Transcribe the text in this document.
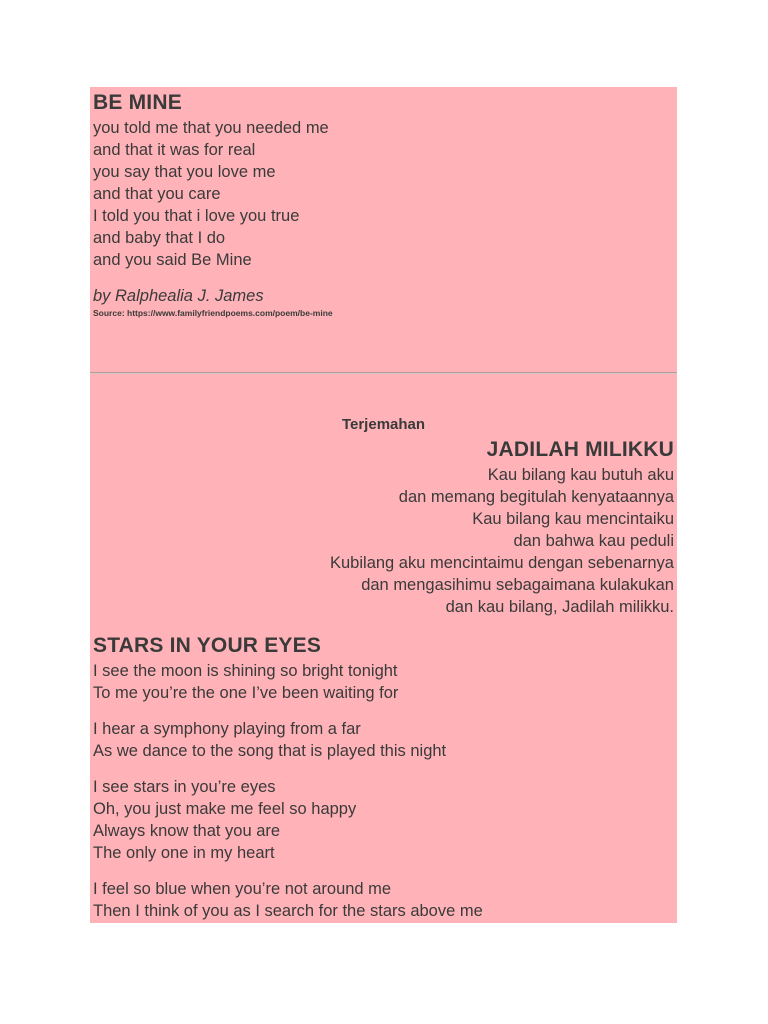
BE MINE
you told me that you needed me
and that it was for real
you say that you love me
and that you care
I told you that i love you true
and baby that I do
and you said Be Mine
by Ralphealia J. James
Source: https://www.familyfriendpoems.com/poem/be-mine
Terjemahan
JADILAH MILIKKU
Kau bilang kau butuh aku
dan memang begitulah kenyataannya
Kau bilang kau mencintaiku
dan bahwa kau peduli
Kubilang aku mencintaimu dengan sebenarnya
dan mengasihimu sebagaimana kulakukan
dan kau bilang, Jadilah milikku.
STARS IN YOUR EYES
I see the moon is shining so bright tonight
To me you’re the one I’ve been waiting for
I hear a symphony playing from a far
As we dance to the song that is played this night
I see stars in you’re eyes
Oh, you just make me feel so happy
Always know that you are
The only one in my heart
I feel so blue when you’re not around me
Then I think of you as I search for the stars above me
